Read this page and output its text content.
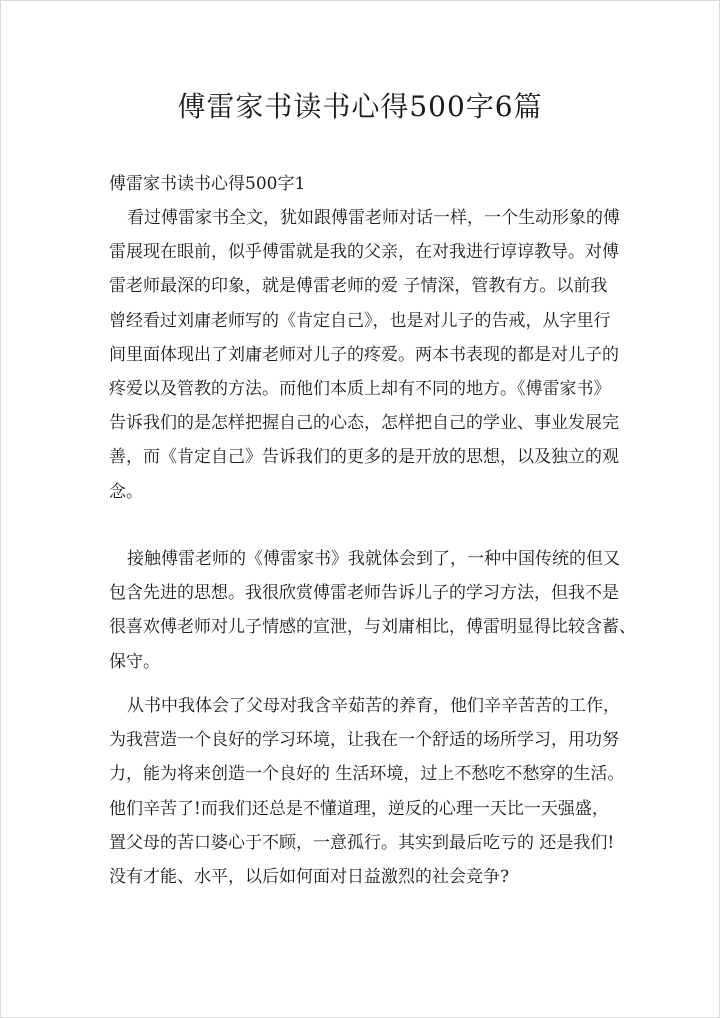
傅雷家书读书心得500字6篇
傅雷家书读书心得500字1

看过傅雷家书全文，犹如跟傅雷老师对话一样，一个生动形象的傅
雷展现在眼前，似乎傅雷就是我的父亲，在对我进行谆谆教导。对傅
雷老师最深的印象，就是傅雷老师的爱 子情深，管教有方。以前我
曾经看过刘庸老师写的《肯定自己》，也是对儿子的告戒，从字里行
间里面体现出了刘庸老师对儿子的疼爱。两本书表现的都是对儿子的
疼爱以及管教的方法。而他们本质上却有不同的地方。《傅雷家书》
告诉我们的是怎样把握自己的心态，怎样把自己的学业、事业发展完
善，而《肯定自己》告诉我们的更多的是开放的思想，以及独立的观
念。

接触傅雷老师的《傅雷家书》我就体会到了，一种中国传统的但又
包含先进的思想。我很欣赏傅雷老师告诉儿子的学习方法，但我不是
很喜欢傅老师对儿子情感的宣泄，与刘庸相比，傅雷明显得比较含蓄、
保守。

从书中我体会了父母对我含辛茹苦的养育，他们辛辛苦苦的工作，
为我营造一个良好的学习环境，让我在一个舒适的场所学习，用功努
力，能为将来创造一个良好的 生活环境，过上不愁吃不愁穿的生活。
他们辛苦了!而我们还总是不懂道理，逆反的心理一天比一天强盛，
置父母的苦口婆心于不顾，一意孤行。其实到最后吃亏的 还是我们!
没有才能、水平，以后如何面对日益激烈的社会竞争?
